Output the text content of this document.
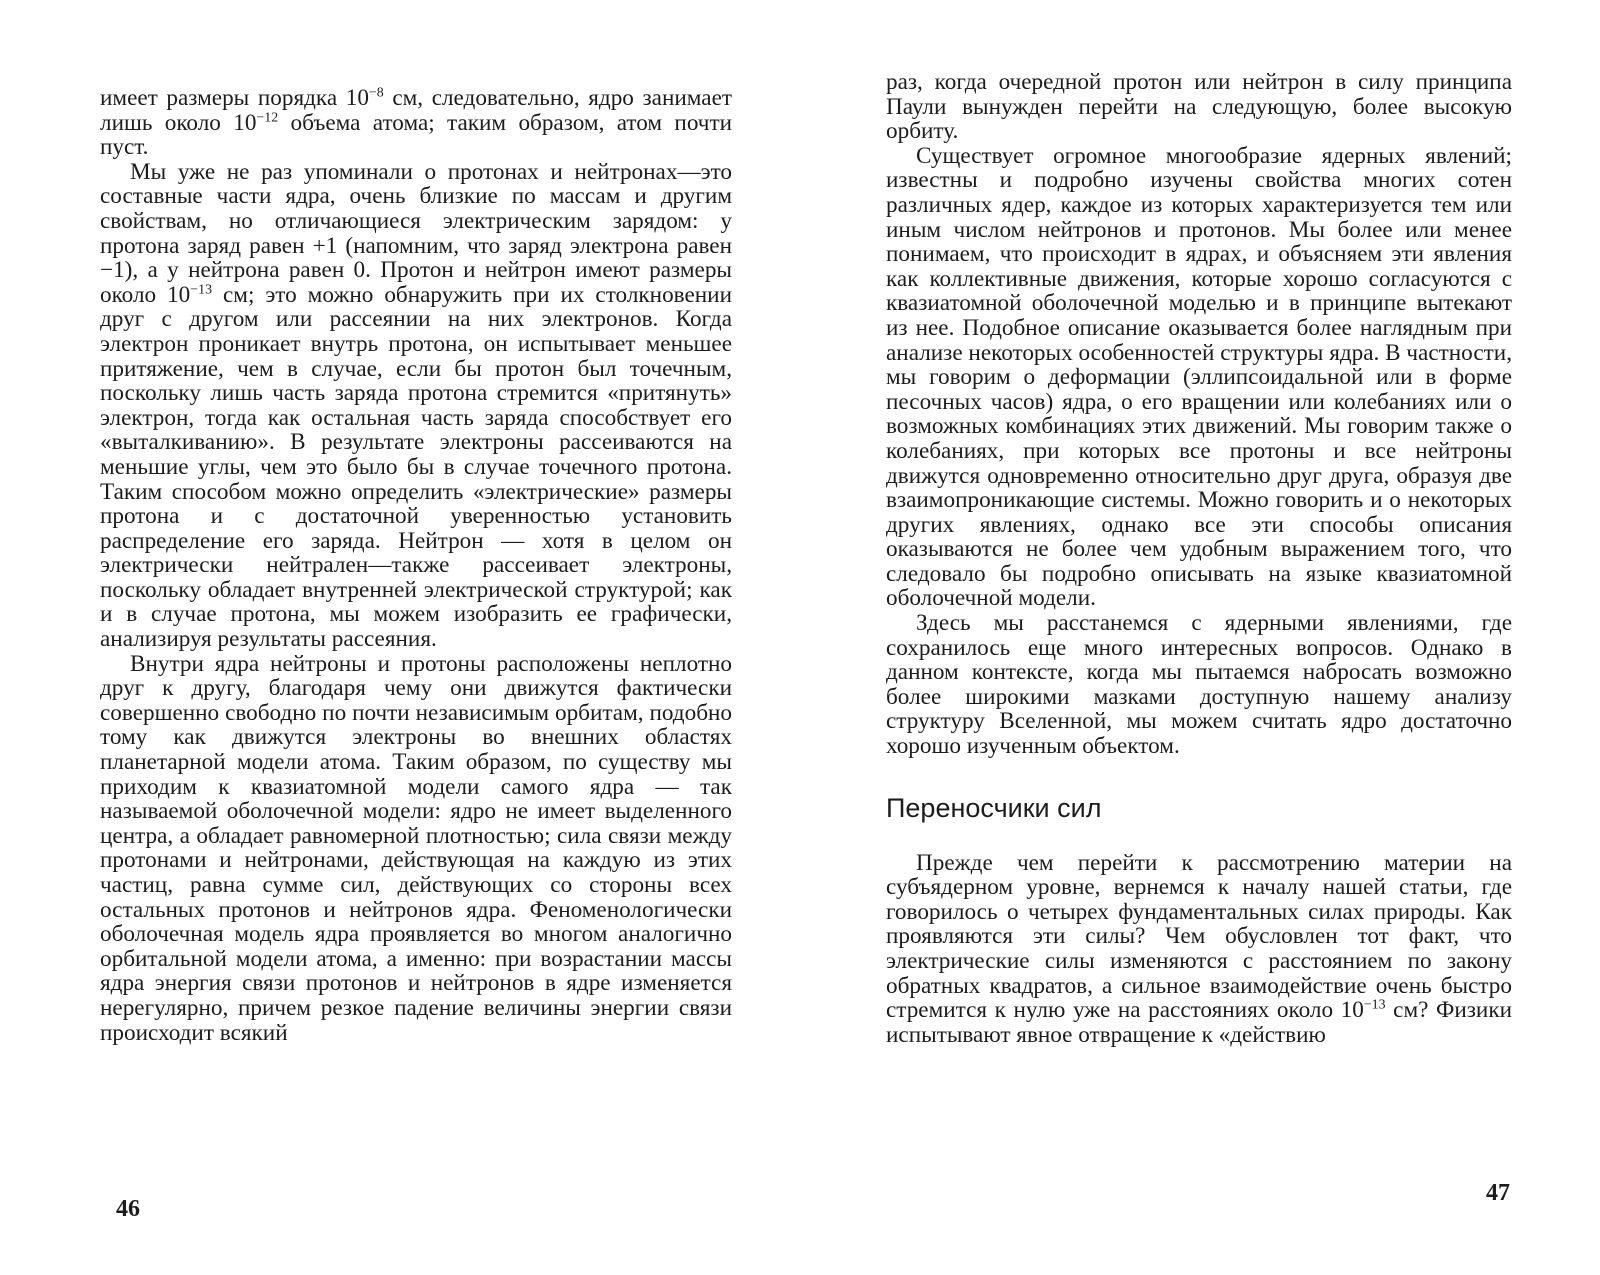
имеет размеры порядка $10^{-8}$ см, следовательно, ядро занимает лишь около $10^{-12}$ объема атома; таким образом, атом почти пуст.

Мы уже не раз упоминали о протонах и нейтронах—это составные части ядра, очень близкие по массам и другим свойствам, но отличающиеся электрическим зарядом: у протона заряд равен +1 (напомним, что заряд электрона равен −1), а у нейтрона равен 0. Протон и нейтрон имеют размеры около $10^{-13}$ см; это можно обнаружить при их столкновении друг с другом или рассеянии на них электронов. Когда электрон проникает внутрь протона, он испытывает меньшее притяжение, чем в случае, если бы протон был точечным, поскольку лишь часть заряда протона стремится «притянуть» электрон, тогда как остальная часть заряда способствует его «выталкиванию». В результате электроны рассеиваются на меньшие углы, чем это было бы в случае точечного протона. Таким способом можно определить «электрические» размеры протона и с достаточной уверенностью установить распределение его заряда. Нейтрон — хотя в целом он электрически нейтрален—также рассеивает электроны, поскольку обладает внутренней электрической структурой; как и в случае протона, мы можем изобразить ее графически, анализируя результаты рассеяния.

Внутри ядра нейтроны и протоны расположены неплотно друг к другу, благодаря чему они движутся фактически совершенно свободно по почти независимым орбитам, подобно тому как движутся электроны во внешних областях планетарной модели атома. Таким образом, по существу мы приходим к квазиатомной модели самого ядра — так называемой оболочечной модели: ядро не имеет выделенного центра, а обладает равномерной плотностью; сила связи между протонами и нейтронами, действующая на каждую из этих частиц, равна сумме сил, действующих со стороны всех остальных протонов и нейтронов ядра. Феноменологически оболочечная модель ядра проявляется во многом аналогично орбитальной модели атома, а именно: при возрастании массы ядра энергия связи протонов и нейтронов в ядре изменяется нерегулярно, причем резкое падение величины энергии связи происходит всякий

46

раз, когда очередной протон или нейтрон в силу принципа Паули вынужден перейти на следующую, более высокую орбиту.

Существует огромное многообразие ядерных явлений; известны и подробно изучены свойства многих сотен различных ядер, каждое из которых характеризуется тем или иным числом нейтронов и протонов. Мы более или менее понимаем, что происходит в ядрах, и объясняем эти явления как коллективные движения, которые хорошо согласуются с квазиатомной оболочечной моделью и в принципе вытекают из нее. Подобное описание оказывается более наглядным при анализе некоторых особенностей структуры ядра. В частности, мы говорим о деформации (эллипсоидальной или в форме песочных часов) ядра, о его вращении или колебаниях или о возможных комбинациях этих движений. Мы говорим также о колебаниях, при которых все протоны и все нейтроны движутся одновременно относительно друг друга, образуя две взаимопроникающие системы. Можно говорить и о некоторых других явлениях, однако все эти способы описания оказываются не более чем удобным выражением того, что следовало бы подробно описывать на языке квазиатомной оболочечной модели.

Здесь мы расстанемся с ядерными явлениями, где сохранилось еще много интересных вопросов. Однако в данном контексте, когда мы пытаемся набросать возможно более широкими мазками доступную нашему анализу структуру Вселенной, мы можем считать ядро достаточно хорошо изученным объектом.

Переносчики сил

Прежде чем перейти к рассмотрению материи на субъядерном уровне, вернемся к началу нашей статьи, где говорилось о четырех фундаментальных силах природы. Как проявляются эти силы? Чем обусловлен тот факт, что электрические силы изменяются с расстоянием по закону обратных квадратов, а сильное взаимодействие очень быстро стремится к нулю уже на расстояниях около $10^{-13}$ см? Физики испытывают явное отвращение к «действию

47
